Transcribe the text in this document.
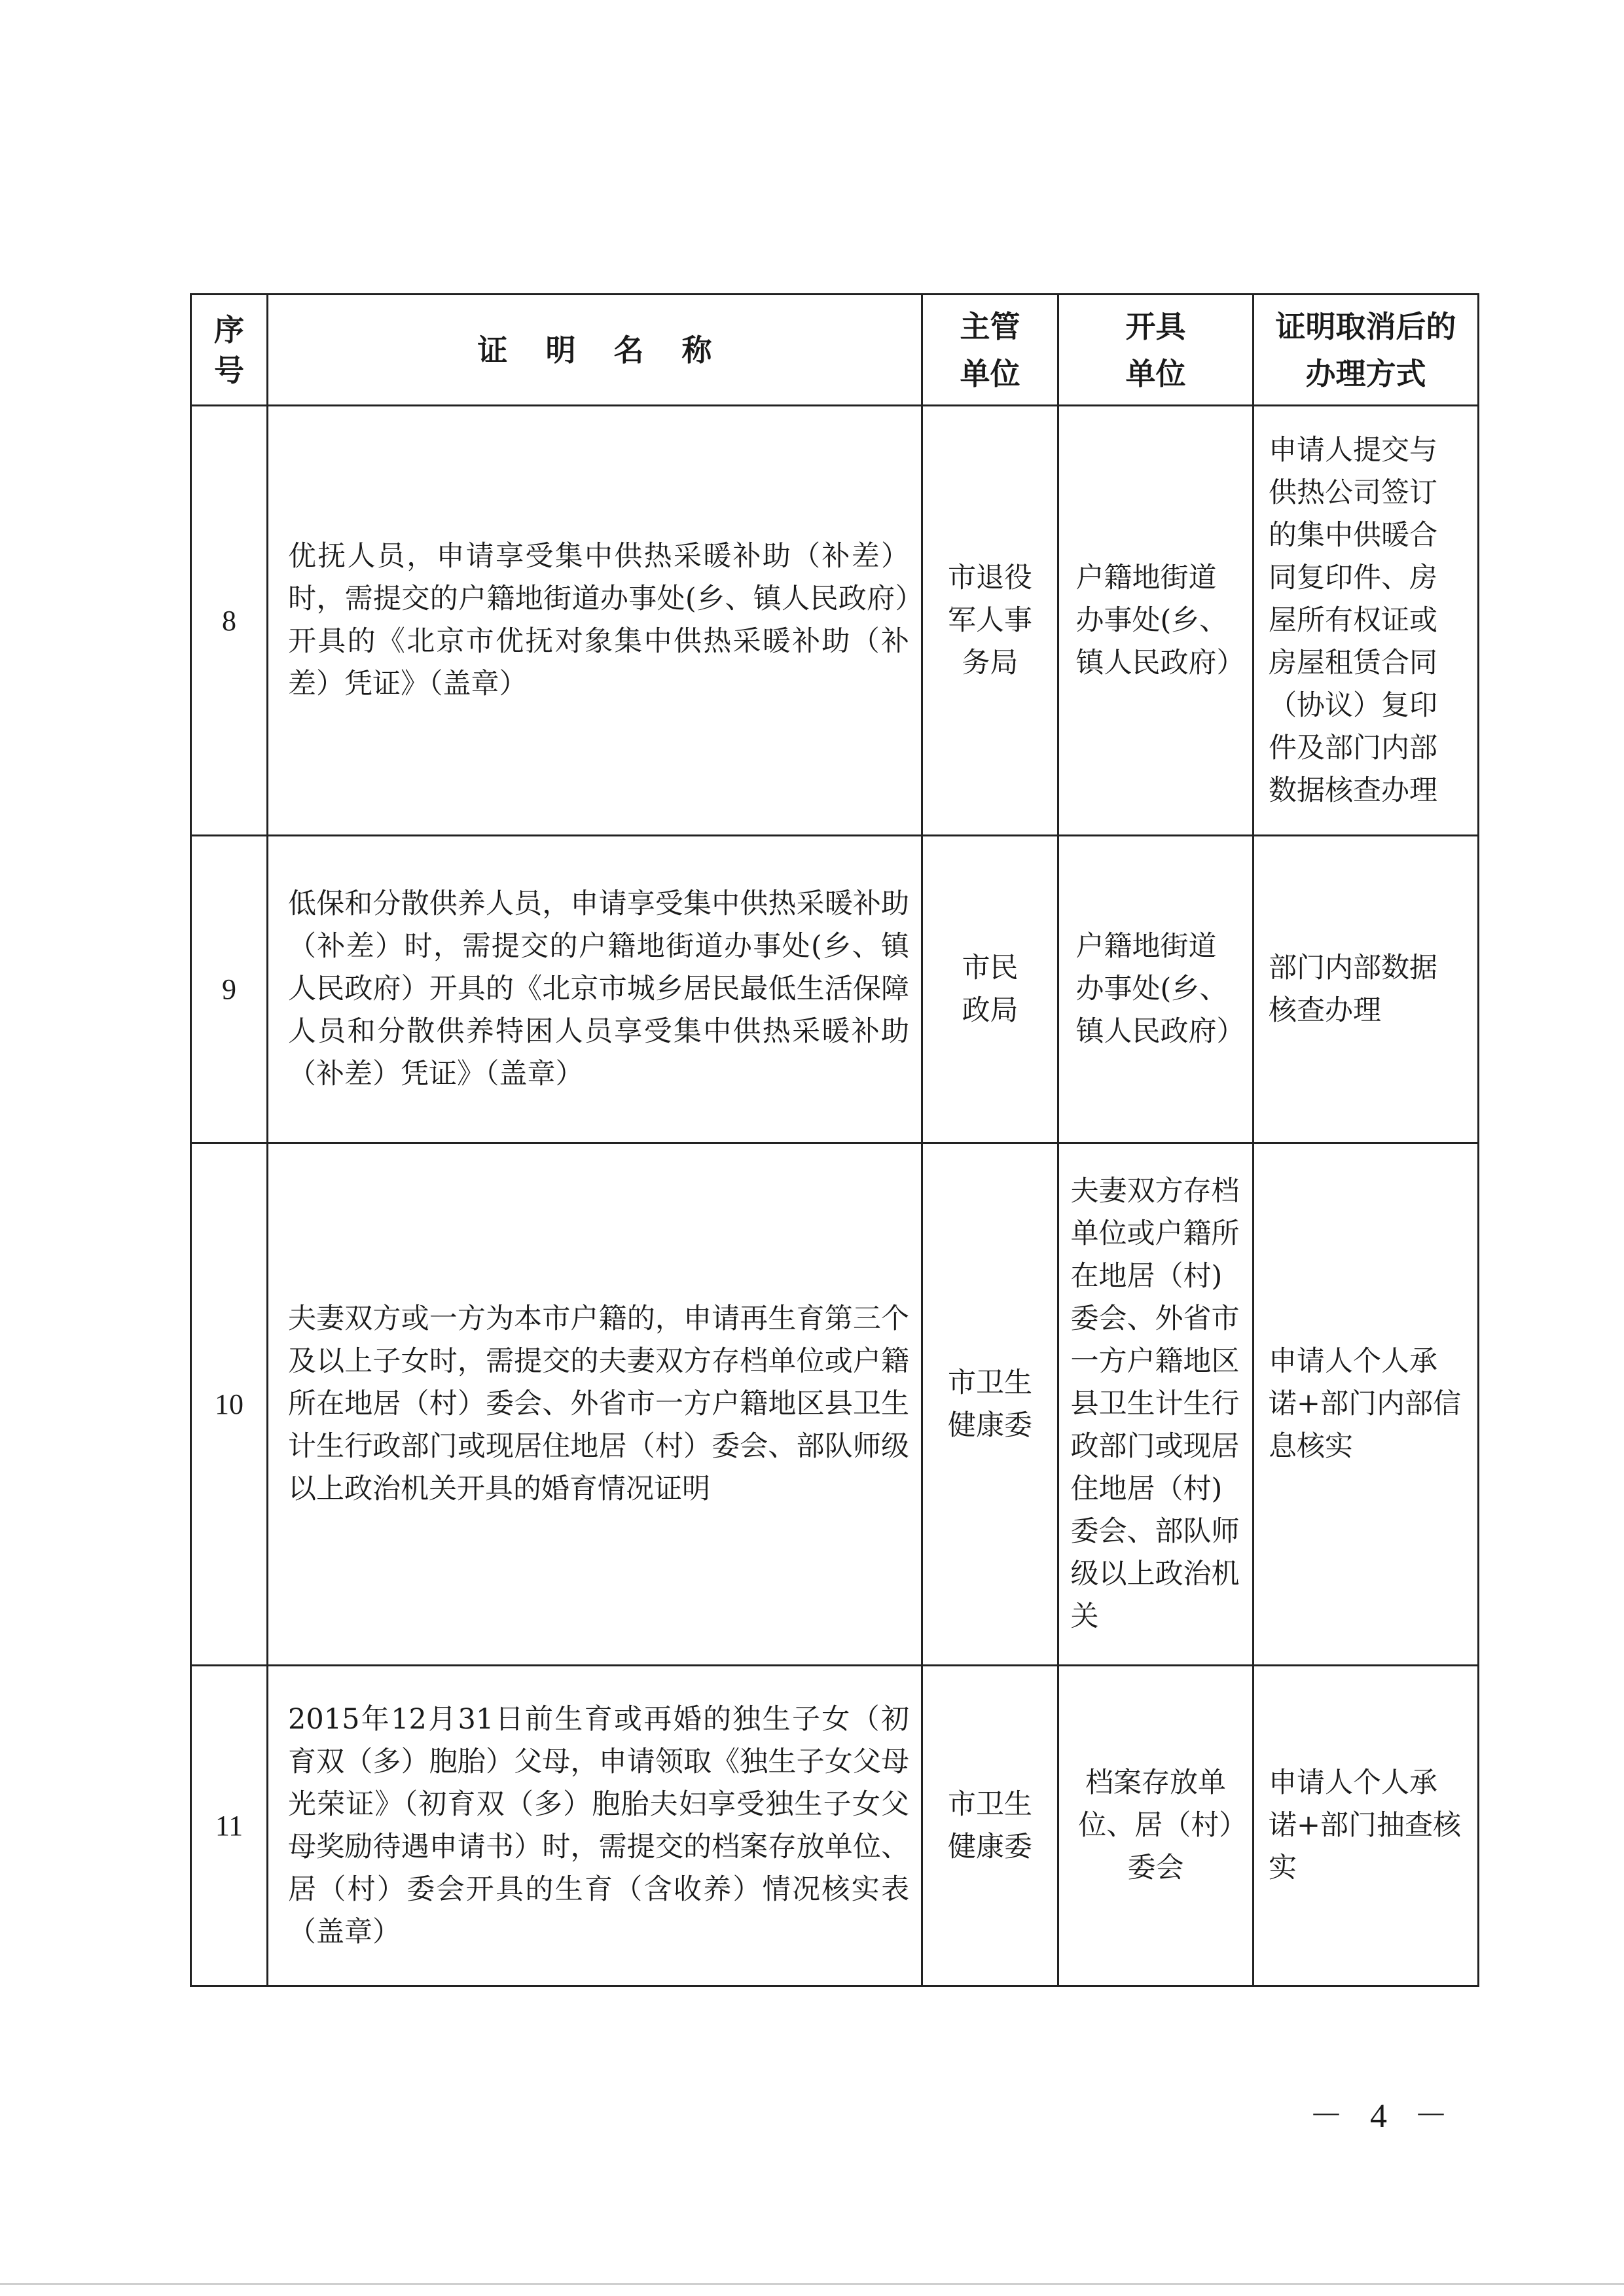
序号	证明名称	主管单位	开具单位	证明取消后的办理方式

8	优抚人员，申请享受集中供热采暖补助（补差）时，需提交的户籍地街道办事处(乡、镇人民政府）开具的《北京市优抚对象集中供热采暖补助（补差）凭证》（盖章）	市退役军人事务局	户籍地街道办事处(乡、镇人民政府）	申请人提交与供热公司签订的集中供暖合同复印件、房屋所有权证或房屋租赁合同（协议）复印件及部门内部数据核查办理

9	低保和分散供养人员，申请享受集中供热采暖补助（补差）时，需提交的户籍地街道办事处(乡、镇人民政府）开具的《北京市城乡居民最低生活保障人员和分散供养特困人员享受集中供热采暖补助（补差）凭证》（盖章）	市民政局	户籍地街道办事处(乡、镇人民政府）	部门内部数据核查办理

10	夫妻双方或一方为本市户籍的，申请再生育第三个及以上子女时，需提交的夫妻双方存档单位或户籍所在地居（村）委会、外省市一方户籍地区县卫生计生行政部门或现居住地居（村）委会、部队师级以上政治机关开具的婚育情况证明	市卫生健康委	夫妻双方存档单位或户籍所在地居（村)委会、外省市一方户籍地区县卫生计生行政部门或现居住地居（村)委会、部队师级以上政治机关	申请人个人承诺+部门内部信息核实

11	2015年12月31日前生育或再婚的独生子女（初育双（多）胞胎）父母，申请领取《独生子女父母光荣证》（初育双（多）胞胎夫妇享受独生子女父母奖励待遇申请书）时，需提交的档案存放单位、居（村）委会开具的生育（含收养）情况核实表（盖章）	市卫生健康委	档案存放单位、居（村）委会	申请人个人承诺+部门抽查核实
－ 4 －
